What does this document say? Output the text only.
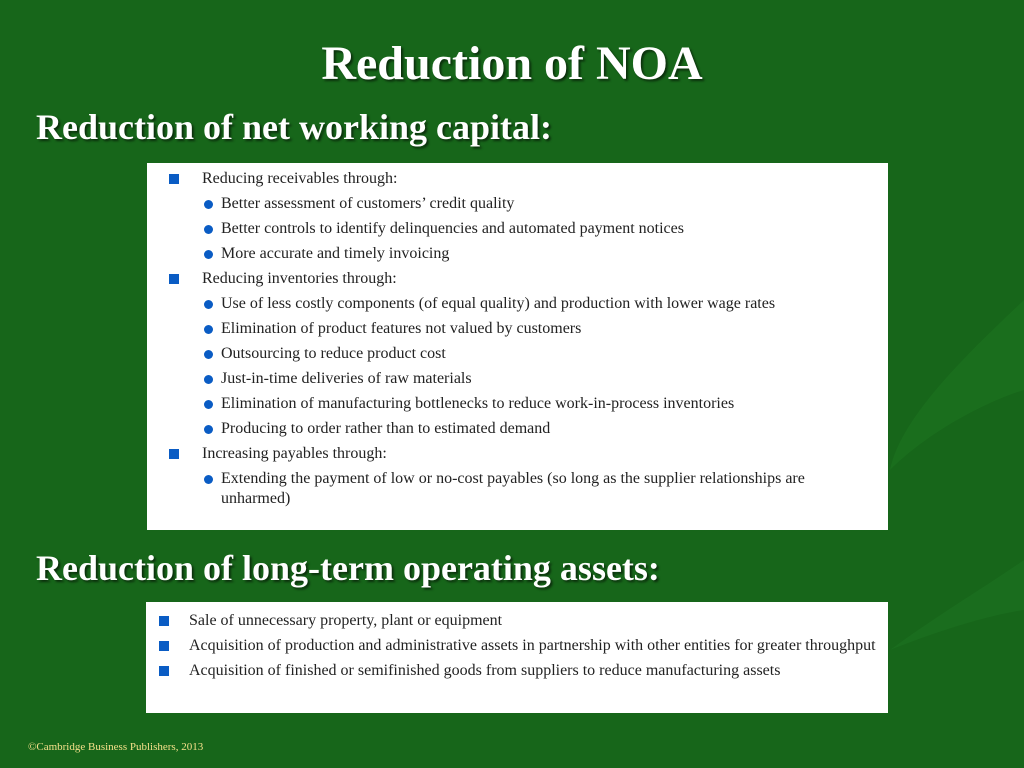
Reduction of NOA
Reduction of net working capital:
Reducing receivables through:
Better assessment of customers’ credit quality
Better controls to identify delinquencies and automated payment notices
More accurate and timely invoicing
Reducing inventories through:
Use of less costly components (of equal quality) and production with lower wage rates
Elimination of product features not valued by customers
Outsourcing to reduce product cost
Just-in-time deliveries of raw materials
Elimination of manufacturing bottlenecks to reduce work-in-process inventories
Producing to order rather than to estimated demand
Increasing payables through:
Extending the payment of low or no-cost payables (so long as the supplier relationships are unharmed)
Reduction of long-term operating assets:
Sale of unnecessary property, plant or equipment
Acquisition of production and administrative assets in partnership with other entities for greater throughput
Acquisition of finished or semifinished goods from suppliers to reduce manufacturing assets

©Cambridge Business Publishers, 2013
